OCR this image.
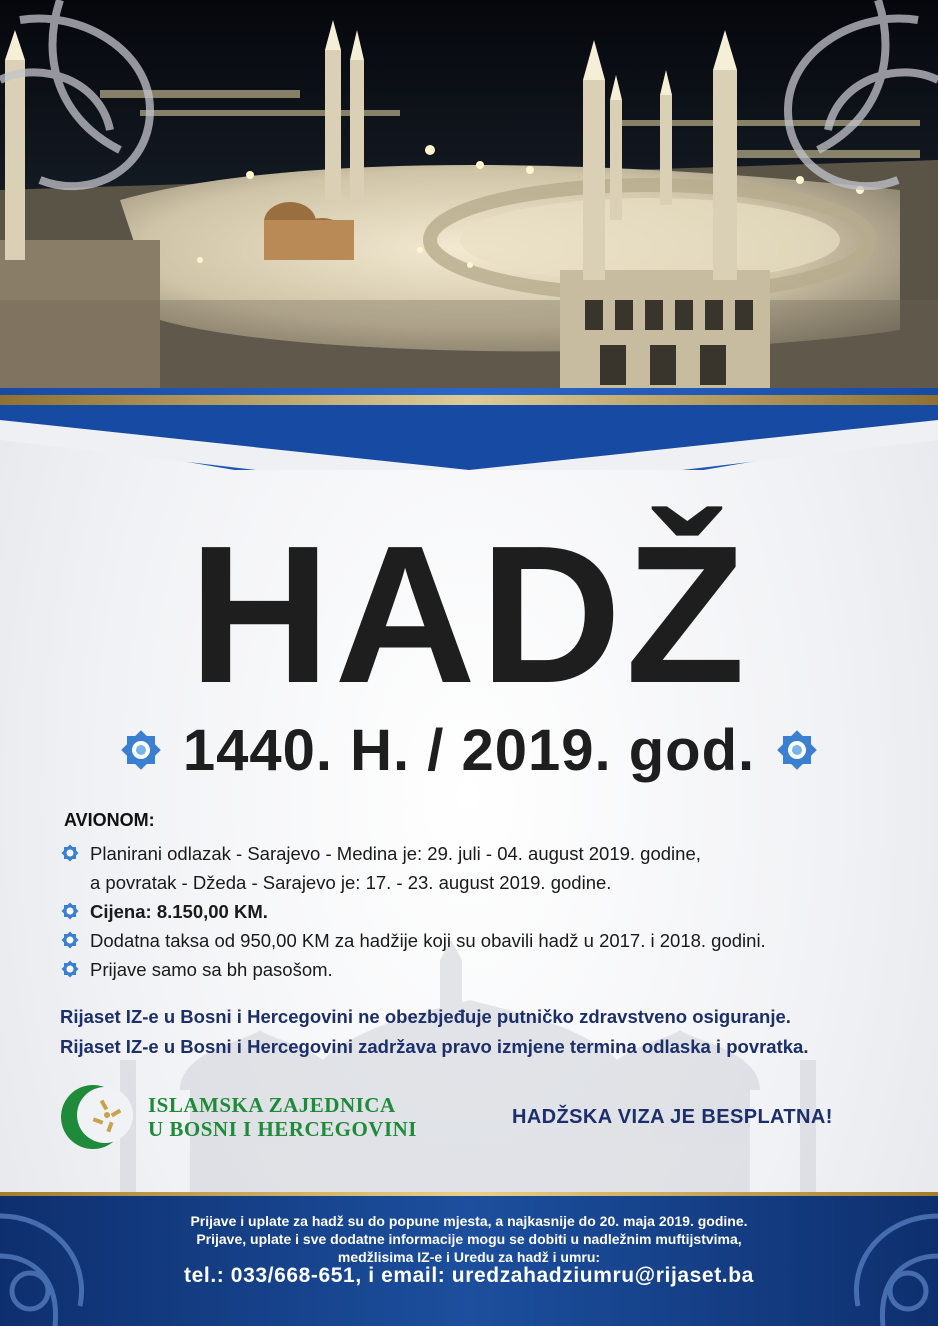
HADŽ
1440. H. / 2019. god.
AVIONOM:
Planirani odlazak - Sarajevo - Medina je: 29. juli - 04. august 2019. godine,
a povratak - Džeda - Sarajevo je: 17. - 23. august 2019. godine.
Cijena: 8.150,00 KM.
Dodatna taksa od 950,00 KM za hadžije koji su obavili hadž u 2017. i 2018. godini.
Prijave samo sa bh pasošom.

Rijaset IZ-e u Bosni i Hercegovini ne obezbjeđuje putničko zdravstveno osiguranje.

Rijaset IZ-e u Bosni i Hercegovini zadržava pravo izmjene termina odlaska i povratka.

ISLAMSKA ZAJEDNICA
U BOSNI I HERCEGOVINI	HADŽSKA VIZA JE BESPLATNA!
Prijave i uplate za hadž su do popune mjesta, a najkasnije do 20. maja 2019. godine.
Prijave, uplate i sve dodatne informacije mogu se dobiti u nadležnim muftijstvima,
medžlisima IZ-e i Uredu za hadž i umru:
tel.: 033/668-651, i email: uredzahadziumru@rijaset.ba
